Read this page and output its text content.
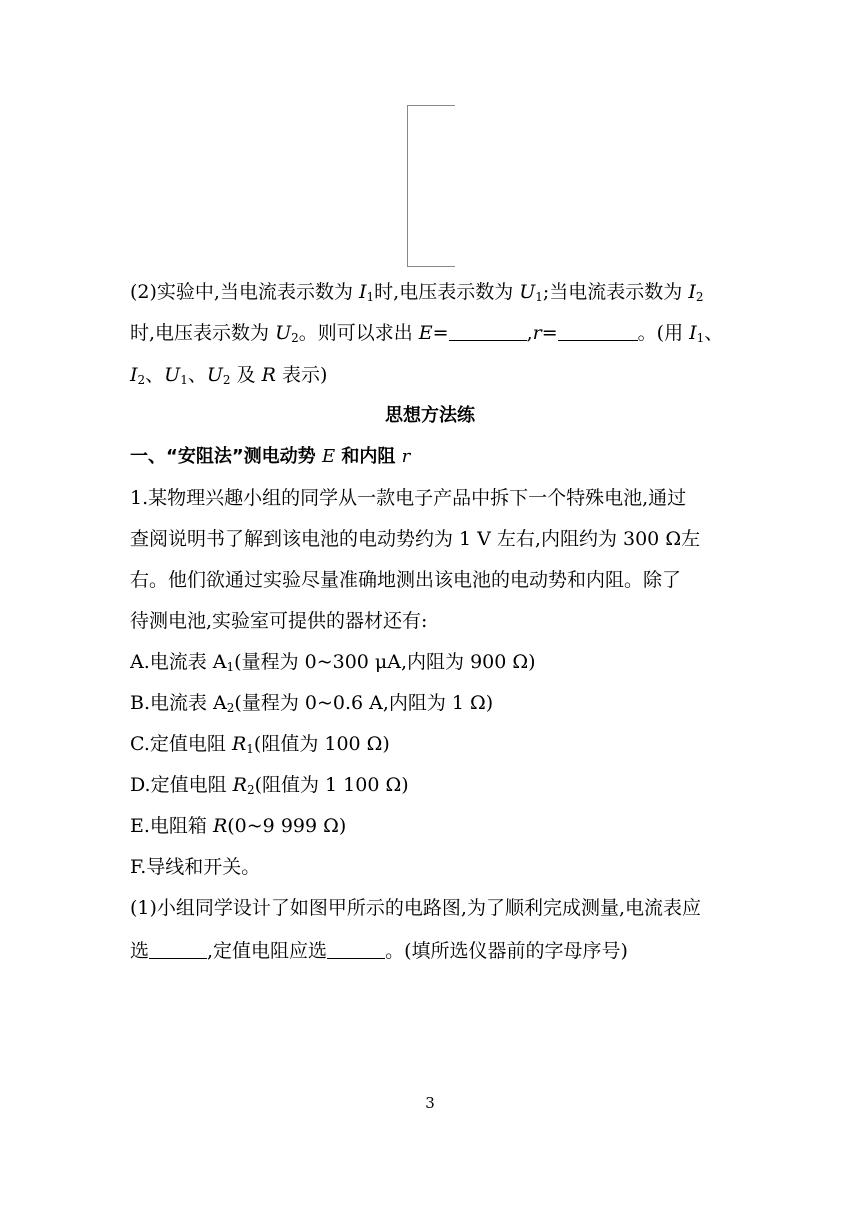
(2)实验中,当电流表示数为 $I_1$时,电压表示数为 $U_1$;当电流表示数为 $I_2$
时,电压表示数为 $U_2$。则可以求出 E=	,r=	。(用 $I_1$、
$I_2$、$U_1$、$U_2$ 及 R 表示)
思想方法练
一、“安阻法”测电动势 E 和内阻 r
1.某物理兴趣小组的同学从一款电子产品中拆下一个特殊电池,通过
查阅说明书了解到该电池的电动势约为 1 V 左右,内阻约为 300 Ω左
右。他们欲通过实验尽量准确地测出该电池的电动势和内阻。除了
待测电池,实验室可提供的器材还有:
A.电流表 $A_1$(量程为 0~300 μA,内阻为 900 Ω)
B.电流表 $A_2$(量程为 0~0.6 A,内阻为 1 Ω)
C.定值电阻 $R_1$(阻值为 100 Ω)
D.定值电阻 $R_2$(阻值为 1 100 Ω)
E.电阻箱 R(0~9 999 Ω)
F.导线和开关。
(1)小组同学设计了如图甲所示的电路图,为了顺利完成测量,电流表应
选	,定值电阻应选	。(填所选仪器前的字母序号)
3
